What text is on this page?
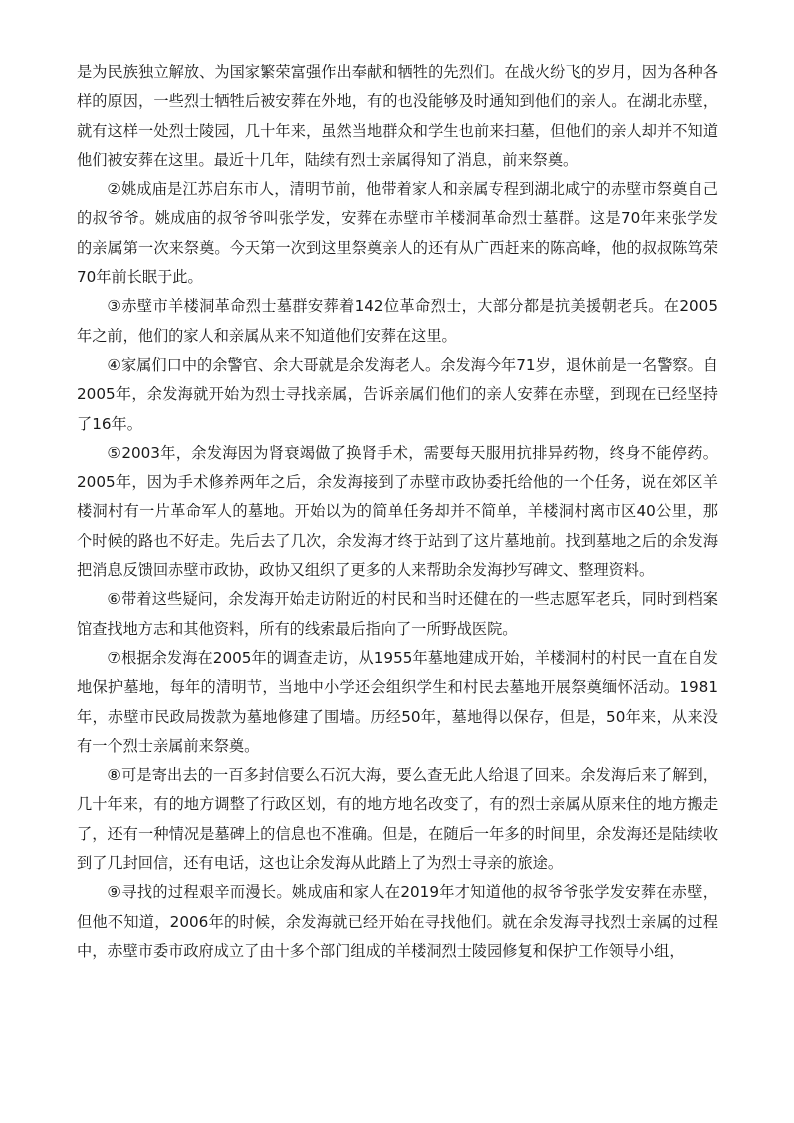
是为民族独立解放、为国家繁荣富强作出奉献和牺牲的先烈们。在战火纷飞的岁月，因为各种各样的原因，一些烈士牺牲后被安葬在外地，有的也没能够及时通知到他们的亲人。在湖北赤壁，就有这样一处烈士陵园，几十年来，虽然当地群众和学生也前来扫墓，但他们的亲人却并不知道他们被安葬在这里。最近十几年，陆续有烈士亲属得知了消息，前来祭奠。

②姚成庙是江苏启东市人，清明节前，他带着家人和亲属专程到湖北咸宁的赤壁市祭奠自己的叔爷爷。姚成庙的叔爷爷叫张学发，安葬在赤壁市羊楼洞革命烈士墓群。这是70年来张学发的亲属第一次来祭奠。今天第一次到这里祭奠亲人的还有从广西赶来的陈高峰，他的叔叔陈笃荣70年前长眠于此。

③赤壁市羊楼洞革命烈士墓群安葬着142位革命烈士，大部分都是抗美援朝老兵。在2005年之前，他们的家人和亲属从来不知道他们安葬在这里。

④家属们口中的余警官、余大哥就是余发海老人。余发海今年71岁，退休前是一名警察。自2005年，余发海就开始为烈士寻找亲属，告诉亲属们他们的亲人安葬在赤壁，到现在已经坚持了16年。

⑤2003年，余发海因为肾衰竭做了换肾手术，需要每天服用抗排异药物，终身不能停药。2005年，因为手术修养两年之后，余发海接到了赤壁市政协委托给他的一个任务，说在郊区羊楼洞村有一片革命军人的墓地。开始以为的简单任务却并不简单，羊楼洞村离市区40公里，那个时候的路也不好走。先后去了几次，余发海才终于站到了这片墓地前。找到墓地之后的余发海把消息反馈回赤壁市政协，政协又组织了更多的人来帮助余发海抄写碑文、整理资料。

⑥带着这些疑问，余发海开始走访附近的村民和当时还健在的一些志愿军老兵，同时到档案馆查找地方志和其他资料，所有的线索最后指向了一所野战医院。

⑦根据余发海在2005年的调查走访，从1955年墓地建成开始，羊楼洞村的村民一直在自发地保护墓地，每年的清明节，当地中小学还会组织学生和村民去墓地开展祭奠缅怀活动。1981年，赤壁市民政局拨款为墓地修建了围墙。历经50年，墓地得以保存，但是，50年来，从来没有一个烈士亲属前来祭奠。

⑧可是寄出去的一百多封信要么石沉大海，要么查无此人给退了回来。余发海后来了解到，几十年来，有的地方调整了行政区划，有的地方地名改变了，有的烈士亲属从原来住的地方搬走了，还有一种情况是墓碑上的信息也不准确。但是，在随后一年多的时间里，余发海还是陆续收到了几封回信，还有电话，这也让余发海从此踏上了为烈士寻亲的旅途。

⑨寻找的过程艰辛而漫长。姚成庙和家人在2019年才知道他的叔爷爷张学发安葬在赤壁，但他不知道，2006年的时候，余发海就已经开始在寻找他们。就在余发海寻找烈士亲属的过程中，赤壁市委市政府成立了由十多个部门组成的羊楼洞烈士陵园修复和保护工作领导小组，
